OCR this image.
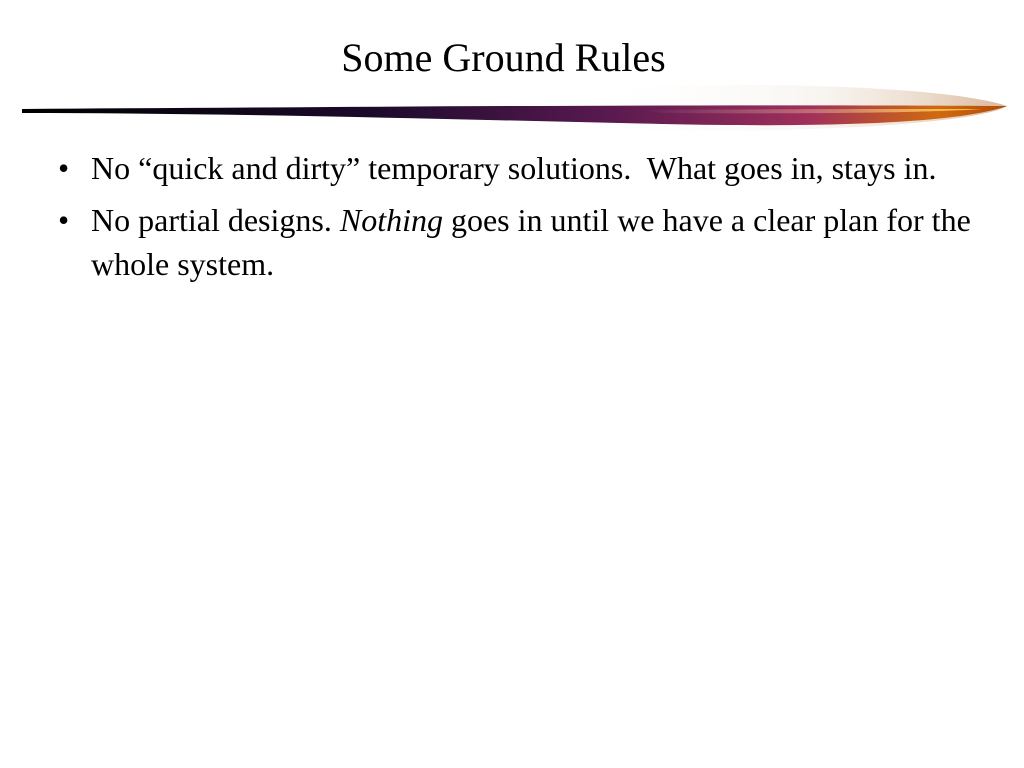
Some Ground Rules
• No “quick and dirty” temporary solutions.  What goes in, stays in.
• No partial designs. Nothing goes in until we have a clear plan for the whole system.
